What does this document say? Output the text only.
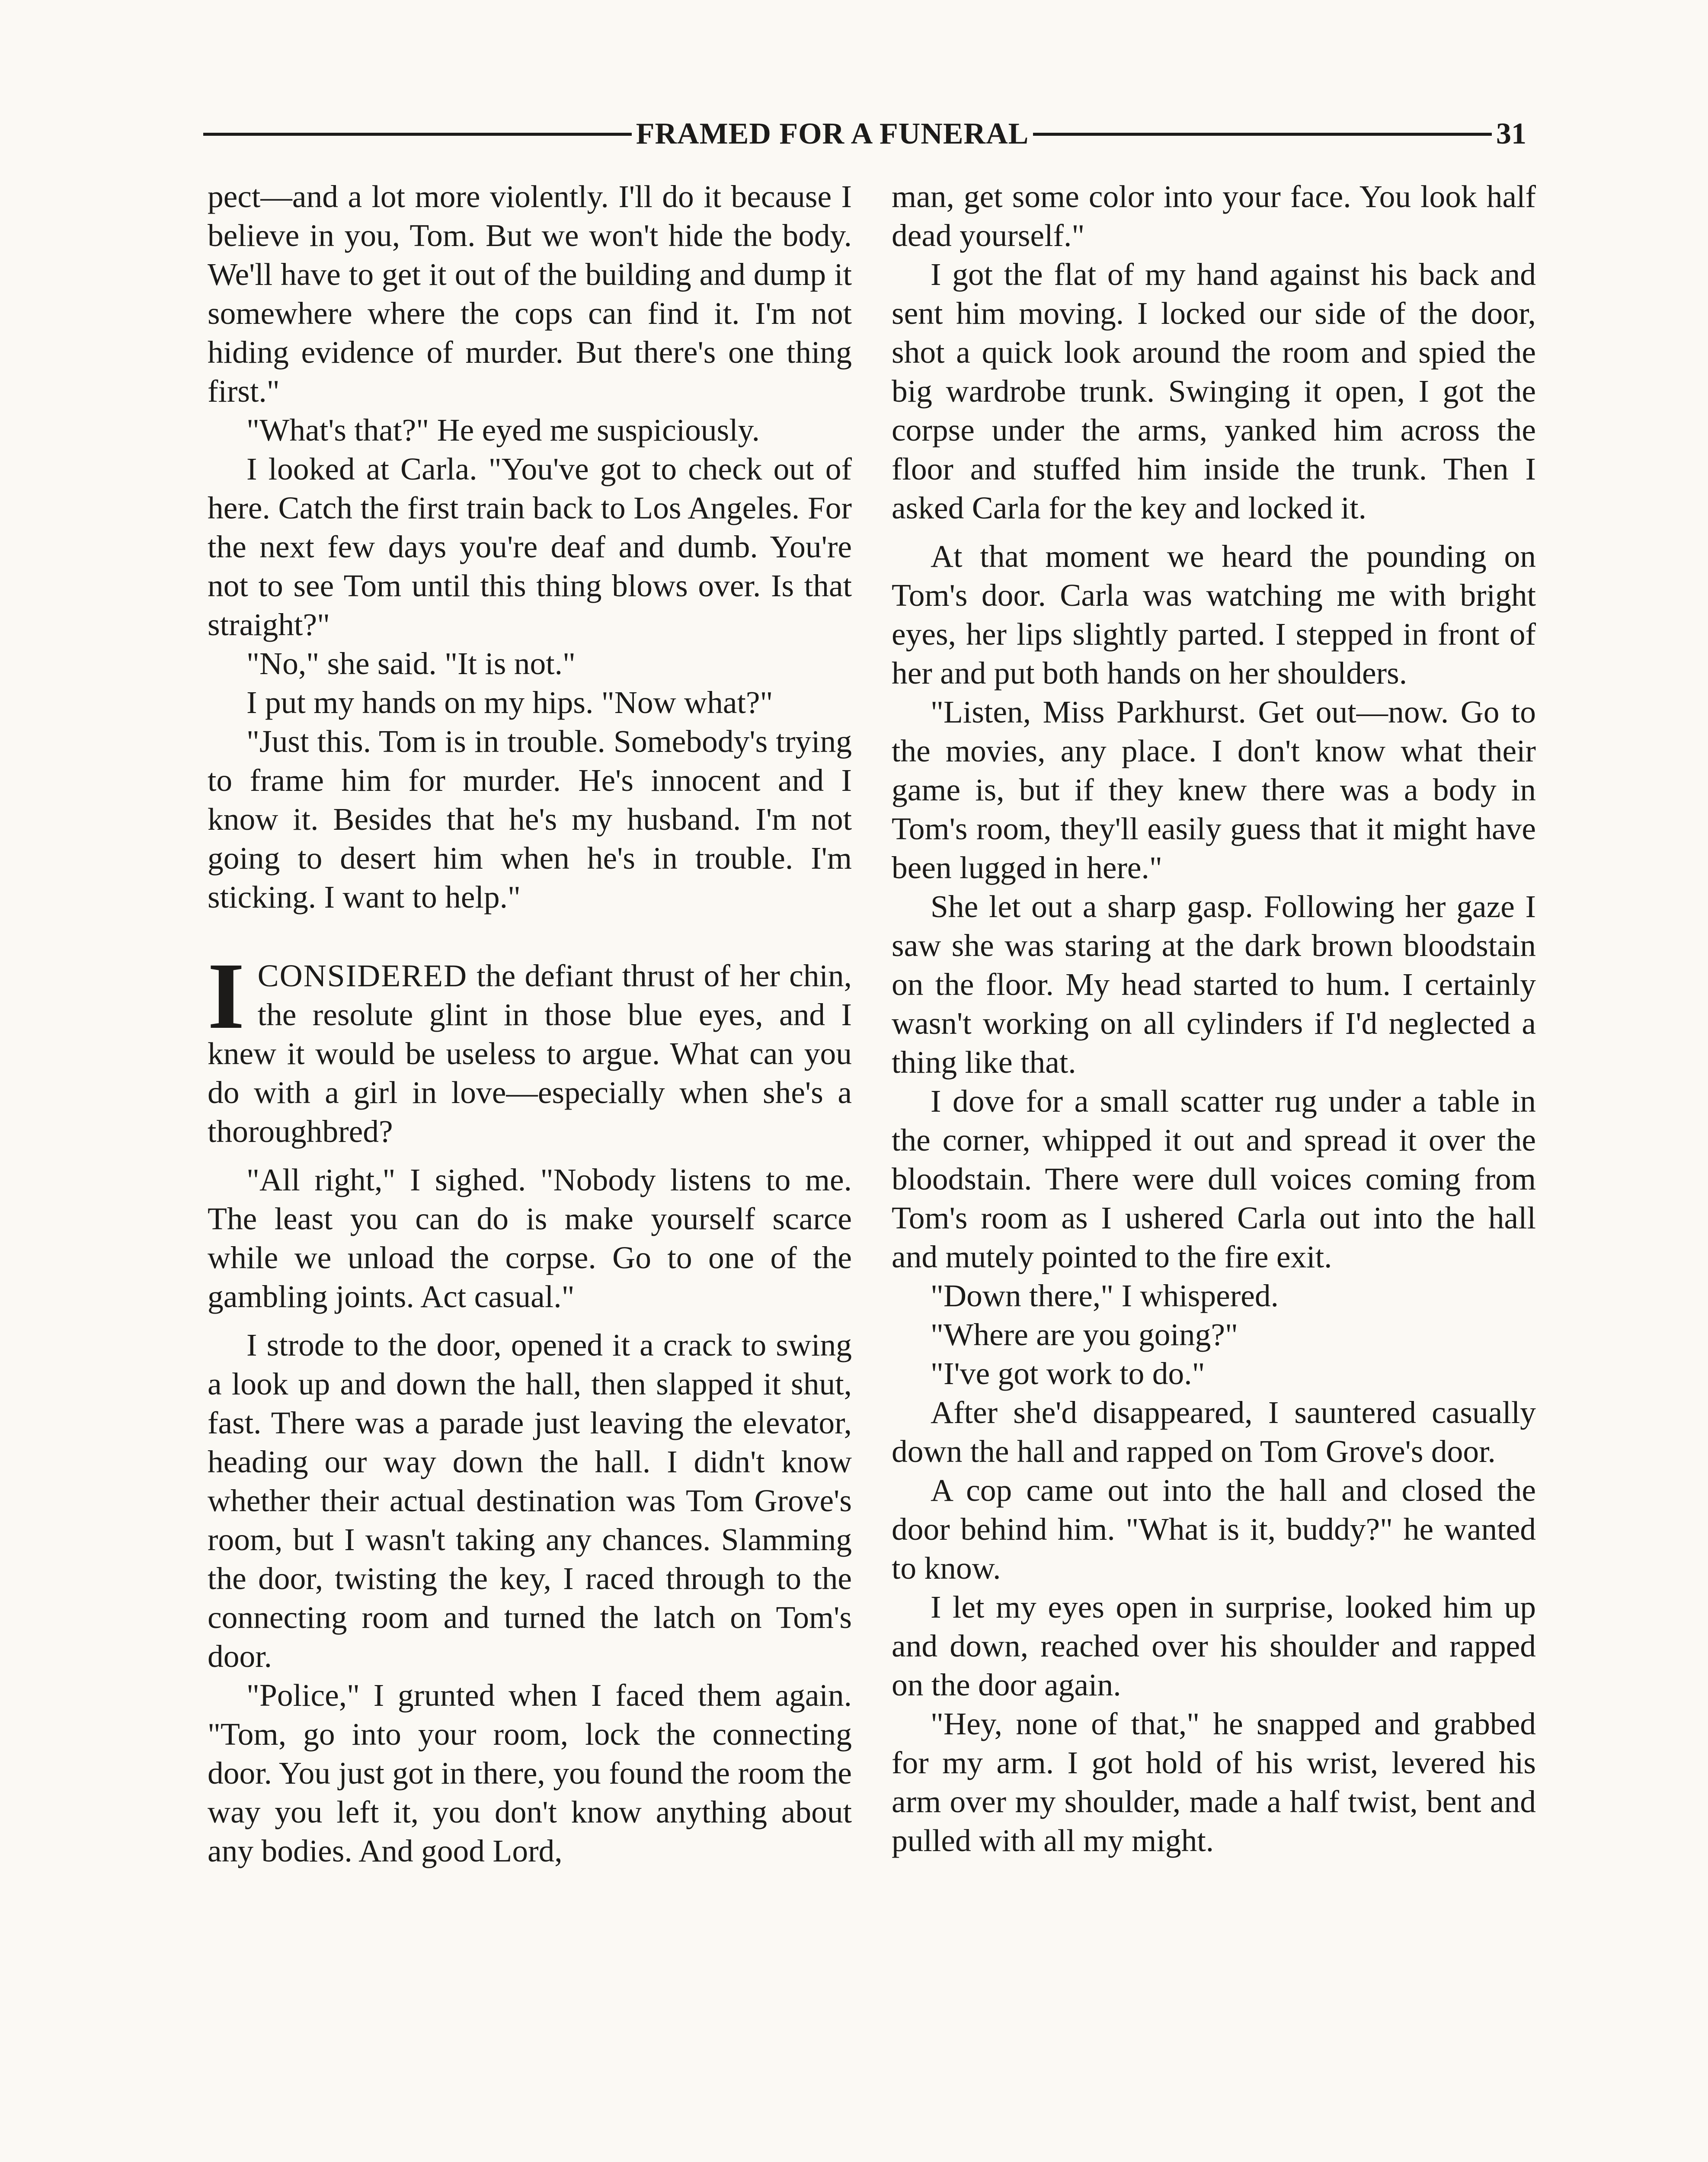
FRAMED FOR A FUNERAL	31

pect—and a lot more violently. I'll do it because I believe in you, Tom. But we won't hide the body. We'll have to get it out of the building and dump it somewhere where the cops can find it. I'm not hiding evidence of murder. But there's one thing first."

"What's that?" He eyed me suspiciously.

I looked at Carla. "You've got to check out of here. Catch the first train back to Los Angeles. For the next few days you're deaf and dumb. You're not to see Tom until this thing blows over. Is that straight?"

"No," she said. "It is not."

I put my hands on my hips. "Now what?"

"Just this. Tom is in trouble. Somebody's trying to frame him for murder. He's innocent and I know it. Besides that he's my husband. I'm not going to desert him when he's in trouble. I'm sticking. I want to help."

ICONSIDERED the defiant thrust of her chin, the resolute glint in those blue eyes, and I knew it would be useless to argue. What can you do with a girl in love—especially when she's a thoroughbred?

"All right," I sighed. "Nobody listens to me. The least you can do is make yourself scarce while we unload the corpse. Go to one of the gambling joints. Act casual."

I strode to the door, opened it a crack to swing a look up and down the hall, then slapped it shut, fast. There was a parade just leaving the elevator, heading our way down the hall. I didn't know whether their actual destination was Tom Grove's room, but I wasn't taking any chances. Slamming the door, twisting the key, I raced through to the connecting room and turned the latch on Tom's door.

"Police," I grunted when I faced them again. "Tom, go into your room, lock the connecting door. You just got in there, you found the room the way you left it, you don't know anything about any bodies. And good Lord,

man, get some color into your face. You look half dead yourself."

I got the flat of my hand against his back and sent him moving. I locked our side of the door, shot a quick look around the room and spied the big wardrobe trunk. Swinging it open, I got the corpse under the arms, yanked him across the floor and stuffed him inside the trunk. Then I asked Carla for the key and locked it.

At that moment we heard the pounding on Tom's door. Carla was watching me with bright eyes, her lips slightly parted. I stepped in front of her and put both hands on her shoulders.

"Listen, Miss Parkhurst. Get out—now. Go to the movies, any place. I don't know what their game is, but if they knew there was a body in Tom's room, they'll easily guess that it might have been lugged in here."

She let out a sharp gasp. Following her gaze I saw she was staring at the dark brown bloodstain on the floor. My head started to hum. I certainly wasn't working on all cylinders if I'd neglected a thing like that.

I dove for a small scatter rug under a table in the corner, whipped it out and spread it over the bloodstain. There were dull voices coming from Tom's room as I ushered Carla out into the hall and mutely pointed to the fire exit.

"Down there," I whispered.

"Where are you going?"

"I've got work to do."

After she'd disappeared, I sauntered casually down the hall and rapped on Tom Grove's door.

A cop came out into the hall and closed the door behind him. "What is it, buddy?" he wanted to know.

I let my eyes open in surprise, looked him up and down, reached over his shoulder and rapped on the door again.

"Hey, none of that," he snapped and grabbed for my arm. I got hold of his wrist, levered his arm over my shoulder, made a half twist, bent and pulled with all my might.
